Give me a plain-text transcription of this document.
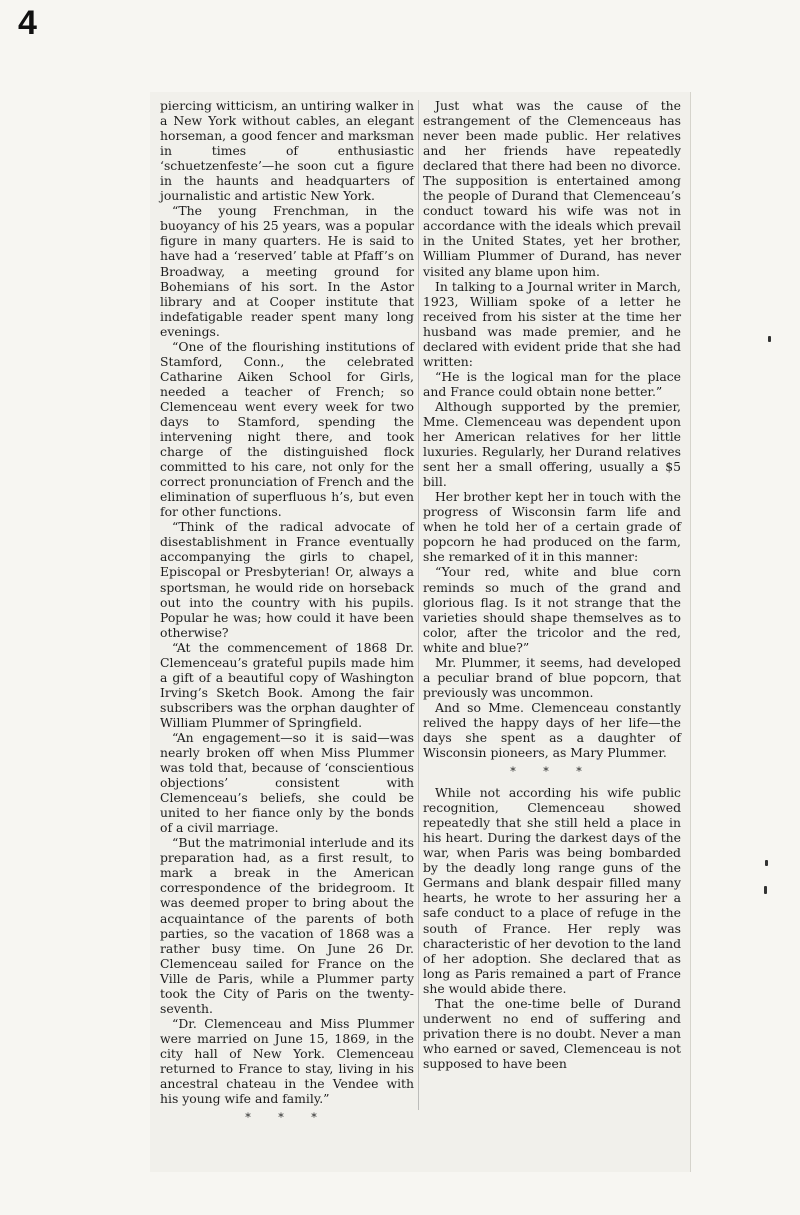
4

piercing witticism, an untiring walker in a New York without cables, an elegant horseman, a good fencer and marksman in times of enthusiastic ‘schuetzenfeste’—he soon cut a figure in the haunts and headquarters of journalistic and artistic New York.

“The young Frenchman, in the buoyancy of his 25 years, was a popular figure in many quarters. He is said to have had a ‘reserved’ table at Pfaff’s on Broadway, a meeting ground for Bohemians of his sort. In the Astor library and at Cooper institute that indefatigable reader spent many long evenings.

“One of the flourishing institutions of Stamford, Conn., the celebrated Catharine Aiken School for Girls, needed a teacher of French; so Clemenceau went every week for two days to Stamford, spending the intervening night there, and took charge of the distinguished flock committed to his care, not only for the correct pronunciation of French and the elimination of superfluous h’s, but even for other functions.

“Think of the radical advocate of disestablishment in France eventually accompanying the girls to chapel, Episcopal or Presbyterian! Or, always a sportsman, he would ride on horseback out into the country with his pupils. Popular he was; how could it have been otherwise?

“At the commencement of 1868 Dr. Clemenceau’s grateful pupils made him a gift of a beautiful copy of Washington Irving’s Sketch Book. Among the fair subscribers was the orphan daughter of William Plummer of Springfield.

“An engagement—so it is said—was nearly broken off when Miss Plummer was told that, because of ‘conscientious objections’ consistent with Clemenceau’s beliefs, she could be united to her fiance only by the bonds of a civil marriage.

“But the matrimonial interlude and its preparation had, as a first result, to mark a break in the American correspondence of the bridegroom. It was deemed proper to bring about the acquaintance of the parents of both parties, so the vacation of 1868 was a rather busy time. On June 26 Dr. Clemenceau sailed for France on the Ville de Paris, while a Plummer party took the City of Paris on the twenty-seventh.

“Dr. Clemenceau and Miss Plummer were married on June 15, 1869, in the city hall of New York. Clemenceau returned to France to stay, living in his ancestral chateau in the Vendee with his young wife and family.”

* * *

Just what was the cause of the estrangement of the Clemenceaus has never been made public. Her relatives and her friends have repeatedly declared that there had been no divorce. The supposition is entertained among the people of Durand that Clemenceau’s conduct toward his wife was not in accordance with the ideals which prevail in the United States, yet her brother, William Plummer of Durand, has never visited any blame upon him.

In talking to a Journal writer in March, 1923, William spoke of a letter he received from his sister at the time her husband was made premier, and he declared with evident pride that she had written:

“He is the logical man for the place and France could obtain none better.”

Although supported by the premier, Mme. Clemenceau was dependent upon her American relatives for her little luxuries. Regularly, her Durand relatives sent her a small offering, usually a $5 bill.

Her brother kept her in touch with the progress of Wisconsin farm life and when he told her of a certain grade of popcorn he had produced on the farm, she remarked of it in this manner:

“Your red, white and blue corn reminds so much of the grand and glorious flag. Is it not strange that the varieties should shape themselves as to color, after the tricolor and the red, white and blue?”

Mr. Plummer, it seems, had developed a peculiar brand of blue popcorn, that previously was uncommon.

And so Mme. Clemenceau constantly relived the happy days of her life—the days she spent as a daughter of Wisconsin pioneers, as Mary Plummer.

* * *

While not according his wife public recognition, Clemenceau showed repeatedly that she still held a place in his heart. During the darkest days of the war, when Paris was being bombarded by the deadly long range guns of the Germans and blank despair filled many hearts, he wrote to her assuring her a safe conduct to a place of refuge in the south of France. Her reply was characteristic of her devotion to the land of her adoption. She declared that as long as Paris remained a part of France she would abide there.

That the one-time belle of Durand underwent no end of suffering and privation there is no doubt. Never a man who earned or saved, Clemenceau is not supposed to have been
